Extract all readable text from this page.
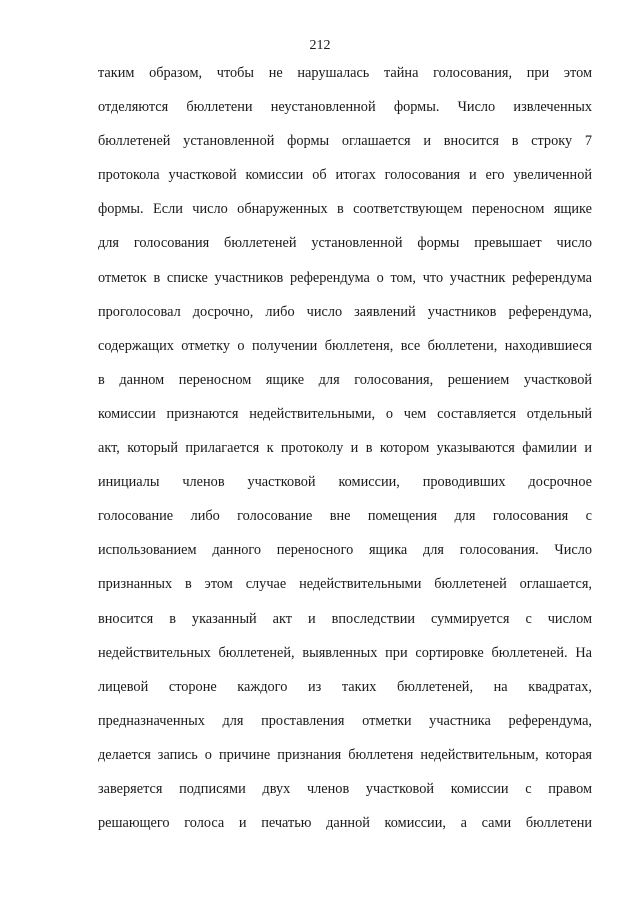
212
таким образом, чтобы не нарушалась тайна голосования, при этом
отделяются бюллетени неустановленной формы. Число извлеченных
бюллетеней установленной формы оглашается и вносится в строку 7
протокола участковой комиссии об итогах голосования и его увеличенной
формы. Если число обнаруженных в соответствующем переносном ящике
для голосования бюллетеней установленной формы превышает число
отметок в списке участников референдума о том, что участник референдума
проголосовал досрочно, либо число заявлений участников референдума,
содержащих отметку о получении бюллетеня, все бюллетени, находившиеся
в данном переносном ящике для голосования, решением участковой
комиссии признаются недействительными, о чем составляется отдельный
акт, который прилагается к протоколу и в котором указываются фамилии и
инициалы членов участковой комиссии, проводивших досрочное
голосование либо голосование вне помещения для голосования с
использованием данного переносного ящика для голосования. Число
признанных в этом случае недействительными бюллетеней оглашается,
вносится в указанный акт и впоследствии суммируется с числом
недействительных бюллетеней, выявленных при сортировке бюллетеней. На
лицевой стороне каждого из таких бюллетеней, на квадратах,
предназначенных для проставления отметки участника референдума,
делается запись о причине признания бюллетеня недействительным, которая
заверяется подписями двух членов участковой комиссии с правом
решающего голоса и печатью данной комиссии, а сами бюллетени
